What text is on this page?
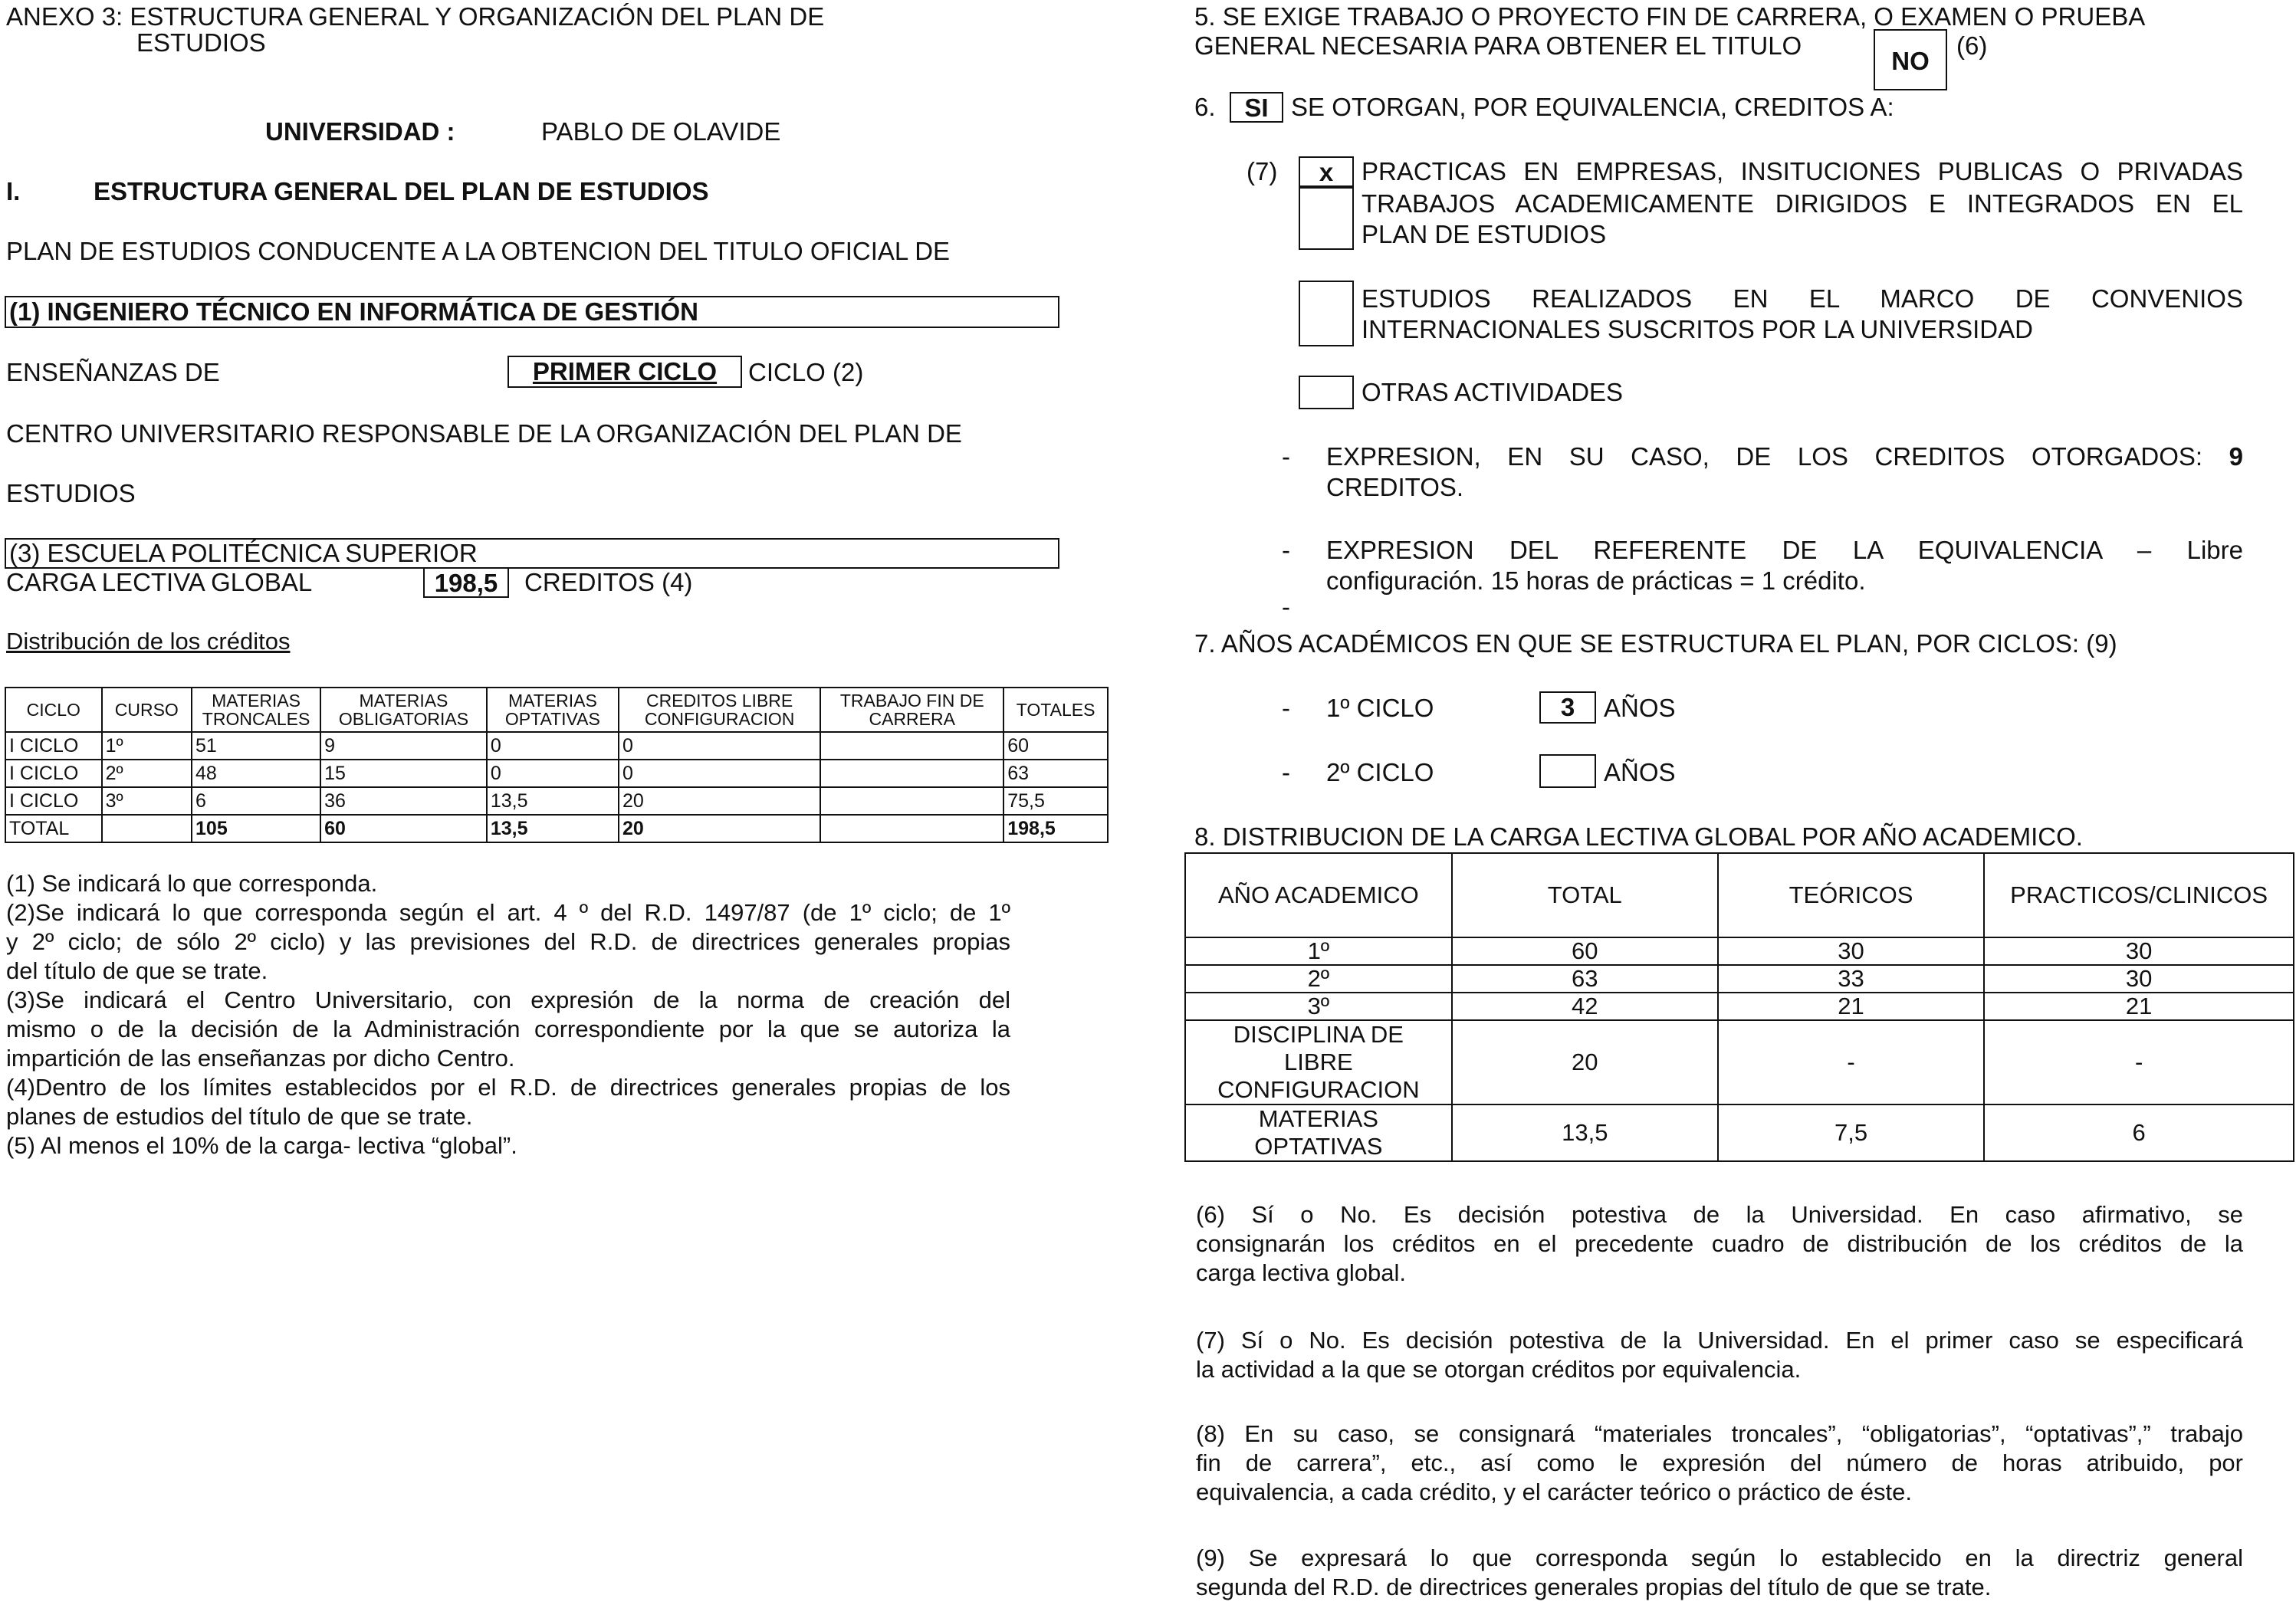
ANEXO 3: ESTRUCTURA GENERAL Y ORGANIZACIÓN DEL PLAN DE
ESTUDIOS
UNIVERSIDAD :	PABLO DE OLAVIDE
I.	ESTRUCTURA GENERAL DEL PLAN DE ESTUDIOS
PLAN DE ESTUDIOS CONDUCENTE A LA OBTENCION DEL TITULO OFICIAL DE
(1) INGENIERO TÉCNICO EN INFORMÁTICA DE GESTIÓN
ENSEÑANZAS DE	PRIMER CICLO	CICLO (2)
CENTRO UNIVERSITARIO RESPONSABLE DE LA ORGANIZACIÓN DEL PLAN DE
ESTUDIOS
(3) ESCUELA POLITÉCNICA SUPERIOR
CARGA LECTIVA GLOBAL	198,5	CREDITOS (4)
Distribución de los créditos
CICLO	CURSO	MATERIAS TRONCALES	MATERIAS OBLIGATORIAS	MATERIAS OPTATIVAS	CREDITOS LIBRE CONFIGURACION	TRABAJO FIN DE CARRERA	TOTALES
I CICLO	1º	51	9	0	0		60
I CICLO	2º	48	15	0	0		63
I CICLO	3º	6	36	13,5	20		75,5
TOTAL		105	60	13,5	20		198,5
(1) Se indicará lo que corresponda.
(2)Se indicará lo que corresponda según el art. 4 º del R.D. 1497/87 (de 1º ciclo; de 1º
y 2º ciclo; de sólo 2º ciclo) y las previsiones del R.D. de directrices generales propias
del título de que se trate.
(3)Se indicará el Centro Universitario, con expresión de la norma de creación del
mismo o de la decisión de la Administración correspondiente por la que se autoriza la
impartición de las enseñanzas por dicho Centro.
(4)Dentro de los límites establecidos por el R.D. de directrices generales propias de los
planes de estudios del título de que se trate.
(5) Al menos el 10% de la carga- lectiva “global”.
5. SE EXIGE TRABAJO O PROYECTO FIN DE CARRERA, O EXAMEN O PRUEBA
GENERAL NECESARIA PARA OBTENER EL TITULO
NO
(6)
6.	SI SE OTORGAN, POR EQUIVALENCIA, CREDITOS A:
(7)	x	PRACTICAS EN EMPRESAS, INSITUCIONES PUBLICAS O PRIVADAS
TRABAJOS ACADEMICAMENTE DIRIGIDOS E INTEGRADOS EN EL
PLAN DE ESTUDIOS
ESTUDIOS REALIZADOS EN EL MARCO DE CONVENIOS
INTERNACIONALES SUSCRITOS POR LA UNIVERSIDAD
OTRAS ACTIVIDADES
- EXPRESION, EN SU CASO, DE LOS CREDITOS OTORGADOS: 9
CREDITOS.
- EXPRESION DEL REFERENTE DE LA EQUIVALENCIA – Libre
configuración. 15 horas de prácticas = 1 crédito.
-
7. AÑOS ACADÉMICOS EN QUE SE ESTRUCTURA EL PLAN, POR CICLOS: (9)
- 1º CICLO	3	AÑOS
- 2º CICLO	AÑOS
8. DISTRIBUCION DE LA CARGA LECTIVA GLOBAL POR AÑO ACADEMICO.
AÑO ACADEMICO	TOTAL	TEÓRICOS	PRACTICOS/CLINICOS
1º	60	30	30
2º	63	33	30
3º	42	21	21

DISCIPLINA DE
LIBRE
CONFIGURACION	20	-	-

MATERIAS
OPTATIVAS	13,5	7,5	6
(6) Sí o No. Es decisión potestiva de la Universidad. En caso afirmativo, se
consignarán los créditos en el precedente cuadro de distribución de los créditos de la
carga lectiva global.
(7) Sí o No. Es decisión potestiva de la Universidad. En el primer caso se especificará
la actividad a la que se otorgan créditos por equivalencia.
(8) En su caso, se consignará “materiales troncales”, “obligatorias”, “optativas”,” trabajo
fin de carrera”, etc., así como le expresión del número de horas atribuido, por
equivalencia, a cada crédito, y el carácter teórico o práctico de éste.
(9) Se expresará lo que corresponda según lo establecido en la directriz general
segunda del R.D. de directrices generales propias del título de que se trate.
